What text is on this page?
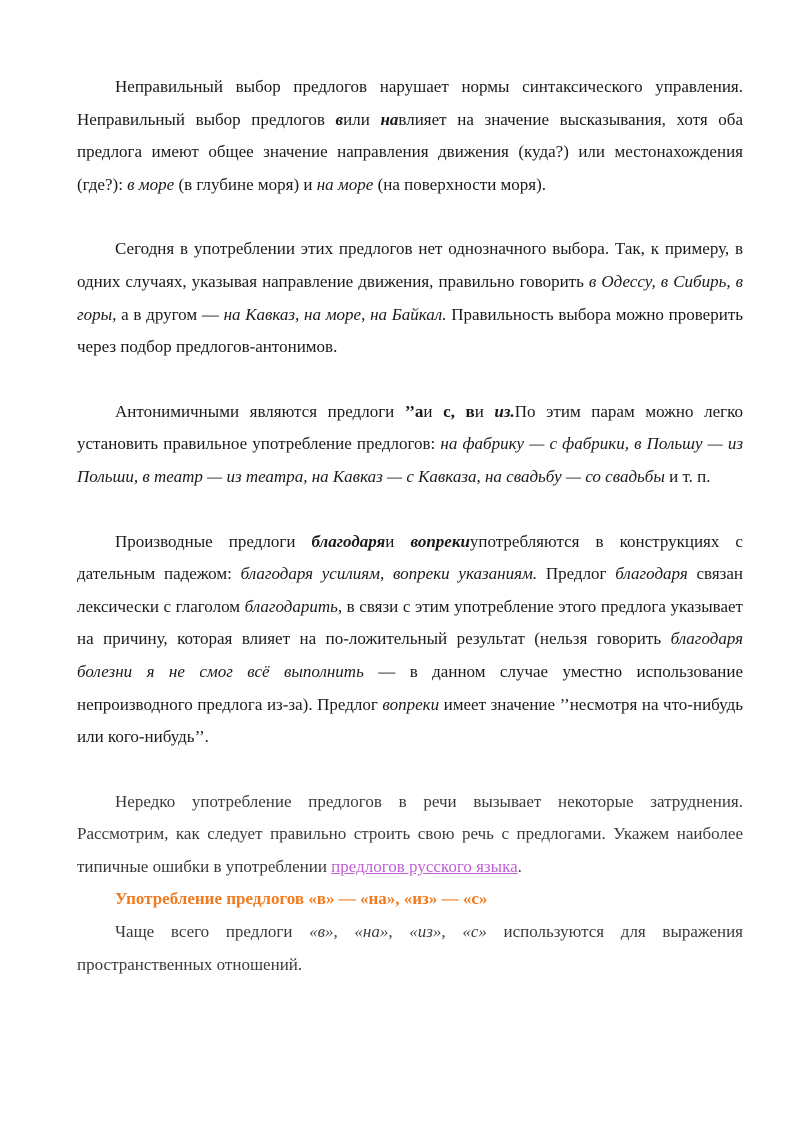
Неправильный выбор предлогов нарушает нормы синтаксического управления. Неправильный выбор предлогов вили навлияет на значение высказывания, хотя оба предлога имеют общее значение направления движения (куда?) или местонахождения (где?): в море (в глубине моря) и на море (на поверхности моря).

Сегодня в употреблении этих предлогов нет однозначного выбора. Так, к примеру, в одних случаях, указывая направление движения, правильно говорить в Одессу, в Сибирь, в горы, а в другом — на Кавказ, на море, на Байкал. Правильность выбора можно проверить через подбор предлогов-антонимов.

Антонимичными являются предлоги ’’аи с, ви из.По этим парам можно легко установить правильное употребление предлогов: на фабрику — с фабрики, в Польшу — из Польши, в театр — из театра, на Кавказ — с Кавказа, на свадьбу — со свадьбы и т. п.

Производные предлоги благодаряи вопрекиупотребляются в конструкциях с дательным падежом: благодаря усилиям, вопреки указаниям. Предлог благодаря связан лексически с глаголом благодарить, в связи с этим употребление этого предлога указывает на причину, которая влияет на по-ложительный результат (нельзя говорить благодаря болезни я не смог всё выполнить — в данном случае уместно использование непроизводного предлога из-за). Предлог вопреки имеет значение ’’несмотря на что-нибудь или кого-нибудь’’.

Нередко употребление предлогов в речи вызывает некоторые затруднения. Рассмотрим, как следует правильно строить свою речь с предлогами. Укажем наиболее типичные ошибки в употреблении предлогов русского языка.

Употребление предлогов «в» — «на», «из» — «с»

Чаще всего предлоги «в», «на», «из», «с» используются для выражения пространственных отношений.
